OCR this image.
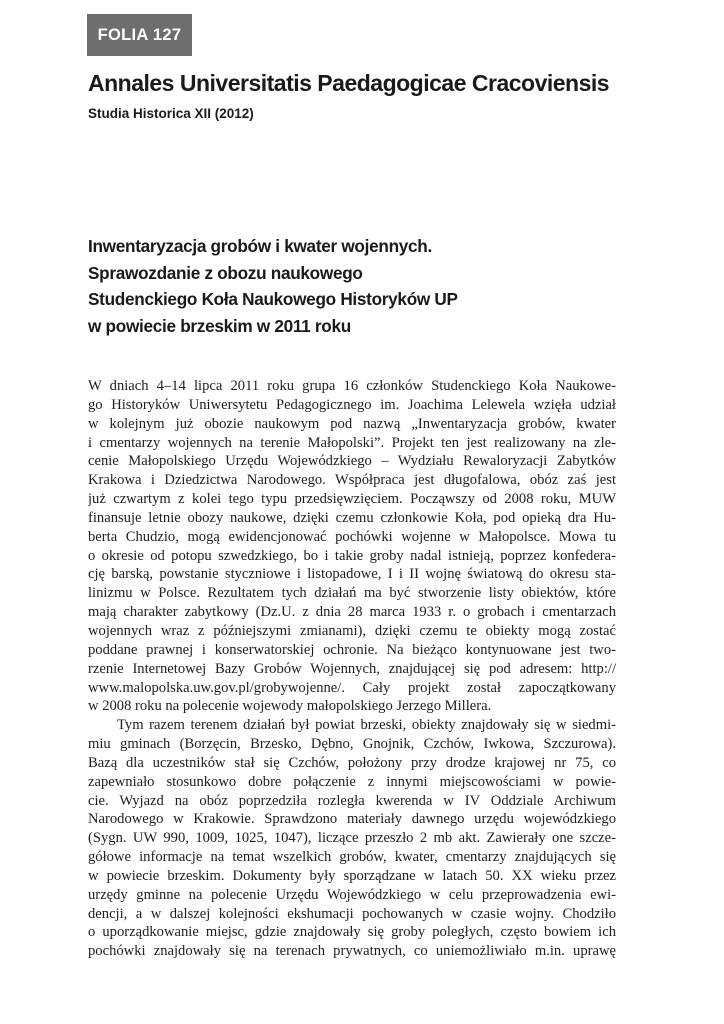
FOLIA 127
Annales Universitatis Paedagogicae Cracoviensis
Studia Historica XII (2012)
Inwentaryzacja grobów i kwater wojennych.
Sprawozdanie z obozu naukowego
Studenckiego Koła Naukowego Historyków UP
w powiecie brzeskim w 2011 roku
W dniach 4–14 lipca 2011 roku grupa 16 członków Studenckiego Koła Naukowe-
go Historyków Uniwersytetu Pedagogicznego im. Joachima Lelewela wzięła udział
w kolejnym już obozie naukowym pod nazwą „Inwentaryzacja grobów, kwater
i cmentarzy wojennych na terenie Małopolski”. Projekt ten jest realizowany na zle-
cenie Małopolskiego Urzędu Wojewódzkiego – Wydziału Rewaloryzacji Zabytków
Krakowa i Dziedzictwa Narodowego. Współpraca jest długofalowa, obóz zaś jest
już czwartym z kolei tego typu przedsięwzięciem. Począwszy od 2008 roku, MUW
finansuje letnie obozy naukowe, dzięki czemu członkowie Koła, pod opieką dra Hu-
berta Chudzio, mogą ewidencjonować pochówki wojenne w Małopolsce. Mowa tu
o okresie od potopu szwedzkiego, bo i takie groby nadal istnieją, poprzez konfedera-
cję barską, powstanie styczniowe i listopadowe, I i II wojnę światową do okresu sta-
linizmu w Polsce. Rezultatem tych działań ma być stworzenie listy obiektów, które
mają charakter zabytkowy (Dz.U. z dnia 28 marca 1933 r. o grobach i cmentarzach
wojennych wraz z późniejszymi zmianami), dzięki czemu te obiekty mogą zostać
poddane prawnej i konserwatorskiej ochronie. Na bieżąco kontynuowane jest two-
rzenie Internetowej Bazy Grobów Wojennych, znajdującej się pod adresem: http://
www.malopolska.uw.gov.pl/grobywojenne/. Cały projekt został zapoczątkowany
w 2008 roku na polecenie wojewody małopolskiego Jerzego Millera.
Tym razem terenem działań był powiat brzeski, obiekty znajdowały się w siedmi-
miu gminach (Borzęcin, Brzesko, Dębno, Gnojnik, Czchów, Iwkowa, Szczurowa).
Bazą dla uczestników stał się Czchów, położony przy drodze krajowej nr 75, co
zapewniało stosunkowo dobre połączenie z innymi miejscowościami w powie-
cie. Wyjazd na obóz poprzedziła rozległa kwerenda w IV Oddziale Archiwum
Narodowego w Krakowie. Sprawdzono materiały dawnego urzędu wojewódzkiego
(Sygn. UW 990, 1009, 1025, 1047), liczące przeszło 2 mb akt. Zawierały one szcze-
gółowe informacje na temat wszelkich grobów, kwater, cmentarzy znajdujących się
w powiecie brzeskim. Dokumenty były sporządzane w latach 50. XX wieku przez
urzędy gminne na polecenie Urzędu Wojewódzkiego w celu przeprowadzenia ewi-
dencji, a w dalszej kolejności ekshumacji pochowanych w czasie wojny. Chodziło
o uporządkowanie miejsc, gdzie znajdowały się groby poległych, często bowiem ich
pochówki znajdowały się na terenach prywatnych, co uniemożliwiało m.in. uprawę
